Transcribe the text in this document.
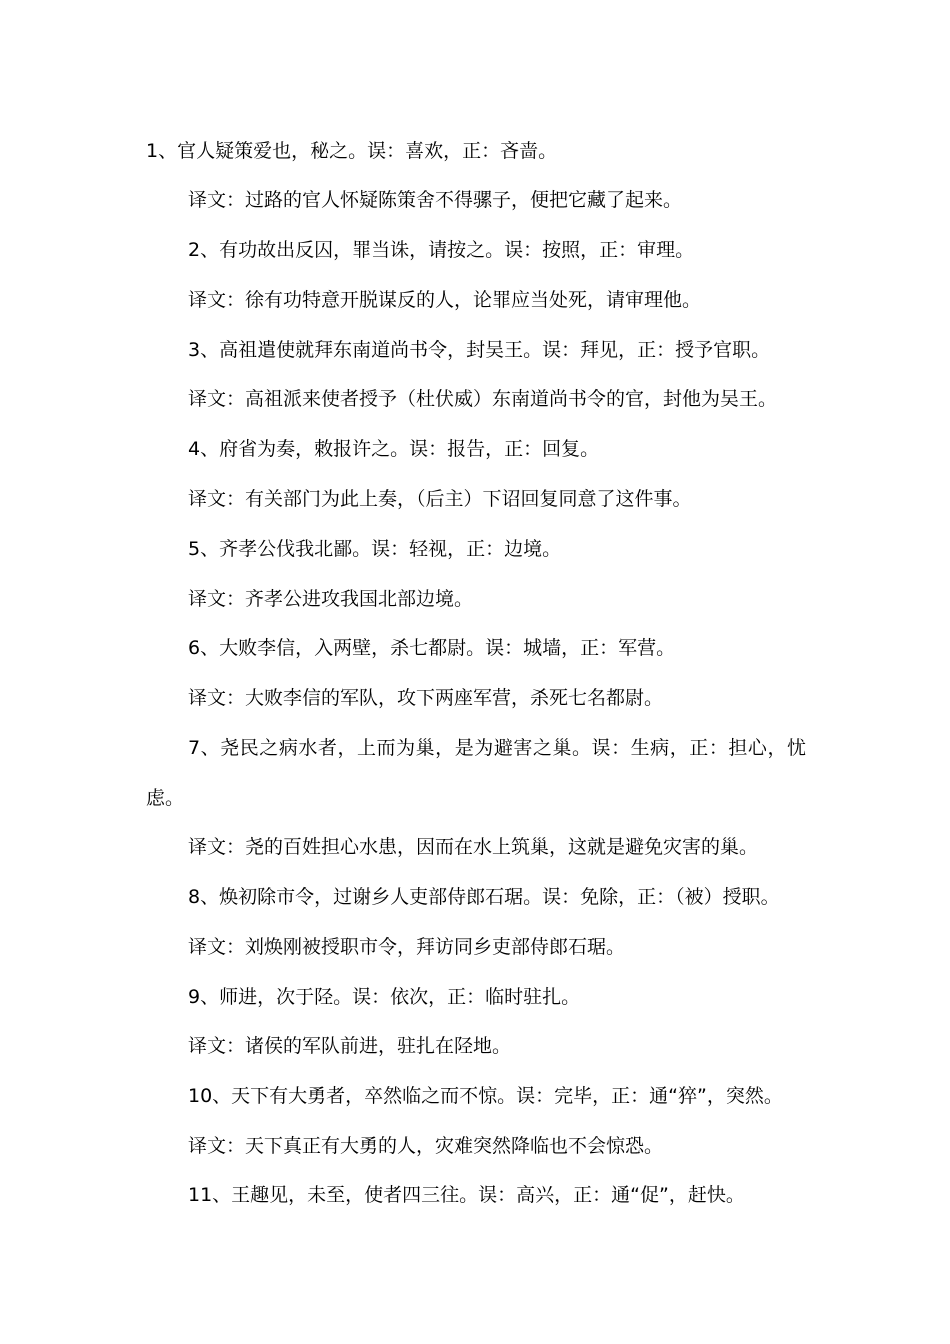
1、官人疑策爱也，秘之。误：喜欢，正：吝啬。

译文：过路的官人怀疑陈策舍不得骡子，便把它藏了起来。

2、有功故出反囚，罪当诛，请按之。误：按照，正：审理。

译文：徐有功特意开脱谋反的人，论罪应当处死，请审理他。

3、高祖遣使就拜东南道尚书令，封吴王。误：拜见，正：授予官职。

译文：高祖派来使者授予（杜伏威）东南道尚书令的官，封他为吴王。

4、府省为奏，敕报许之。误：报告，正：回复。

译文：有关部门为此上奏，（后主）下诏回复同意了这件事。

5、齐孝公伐我北鄙。误：轻视，正：边境。

译文：齐孝公进攻我国北部边境。

6、大败李信，入两壁，杀七都尉。误：城墙，正：军营。

译文：大败李信的军队，攻下两座军营，杀死七名都尉。

7、尧民之病水者，上而为巢，是为避害之巢。误：生病，正：担心，忧虑。

译文：尧的百姓担心水患，因而在水上筑巢，这就是避免灾害的巢。

8、焕初除市令，过谢乡人吏部侍郎石琚。误：免除，正：（被）授职。

译文：刘焕刚被授职市令，拜访同乡吏部侍郎石琚。

9、师进，次于陉。误：依次，正：临时驻扎。

译文：诸侯的军队前进，驻扎在陉地。

10、天下有大勇者，卒然临之而不惊。误：完毕，正：通“猝”，突然。

译文：天下真正有大勇的人，灾难突然降临也不会惊恐。

11、王趣见，未至，使者四三往。误：高兴，正：通“促”，赶快。
